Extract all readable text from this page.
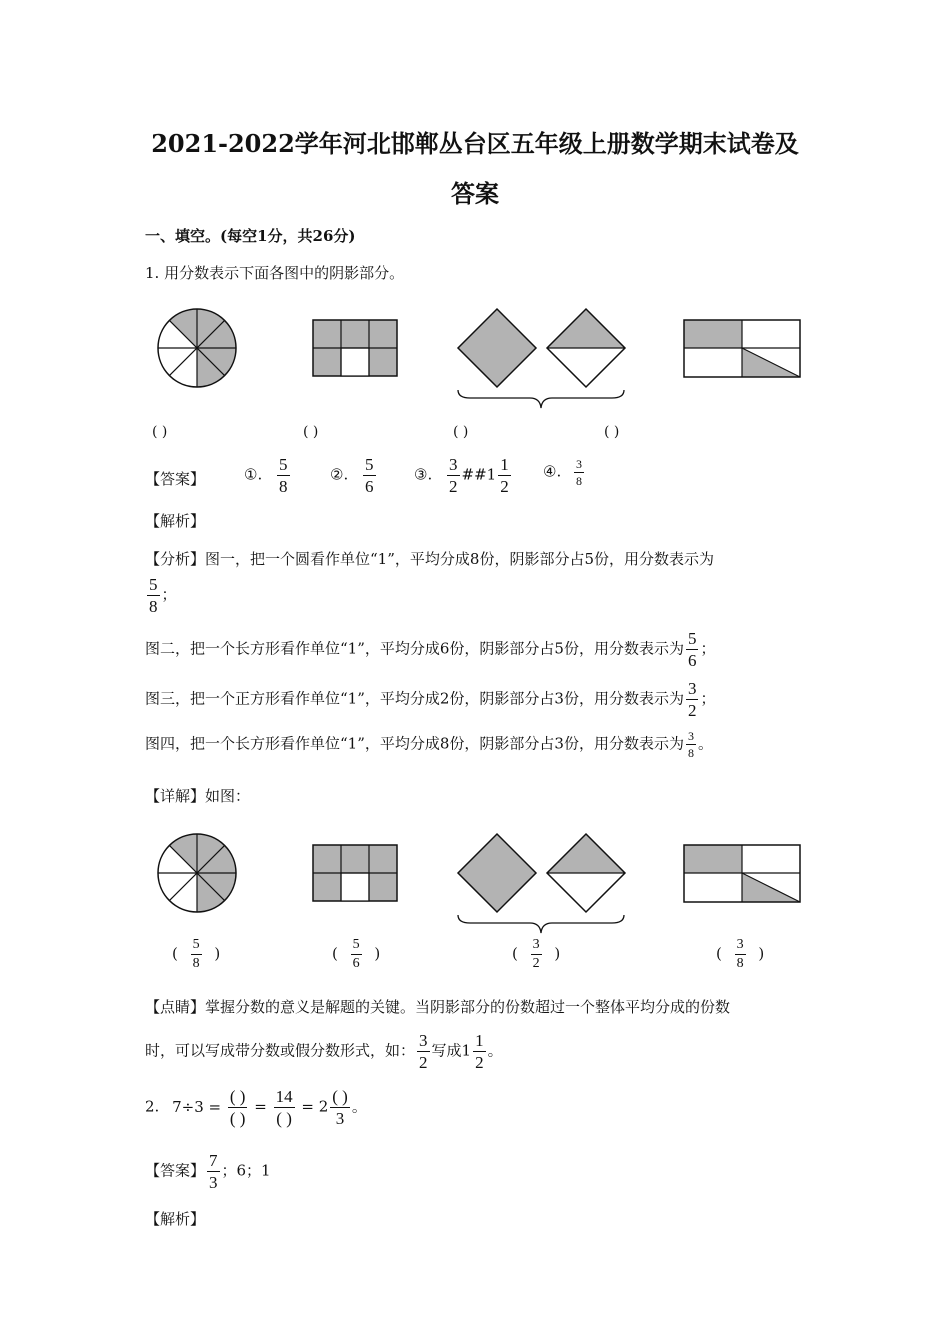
2021-2022学年河北邯郸丛台区五年级上册数学期末试卷及
答案
一、填空。(每空1分，共26分)
1. 用分数表示下面各图中的阴影部分。
( )	( )	( )	( )
【答案】	①. $\frac{5}{8}$	②. $\frac{5}{6}$	③. $\frac{3}{2}$ ##1 $\frac{1}{2}$ ④. $\frac{3}{8}$
【解析】
【分析】图一，把一个圆看作单位“1”，平均分成8份，阴影部分占5份，用分数表示为
$\frac{5}{8}$ ；
图二，把一个长方形看作单位“1”，平均分成6份，阴影部分占5份，用分数表示为 $\frac{5}{6}$ ；
图三，把一个正方形看作单位“1”，平均分成2份，阴影部分占3份，用分数表示为 $\frac{3}{2}$ ；
图四，把一个长方形看作单位“1”，平均分成8份，阴影部分占3份，用分数表示为 $\frac{3}{8}$ 。
【详解】如图：
( $\frac{5}{8}$ )	( $\frac{5}{6}$ )	( $\frac{3}{2}$ )	( $\frac{3}{8}$ )
【点睛】掌握分数的意义是解题的关键。当阴影部分的份数超过一个整体平均分成的份数
时，可以写成带分数或假分数形式，如： $\frac{3}{2}$ 写成$1 \frac{1}{2}$ 。
2. $7\div 3 = \frac{( )}{( )} = \frac{14}{( )} = 2 \frac{( )}{3}$ 。
【答案】 $\frac{7}{3}$ ；6；1
【解析】
